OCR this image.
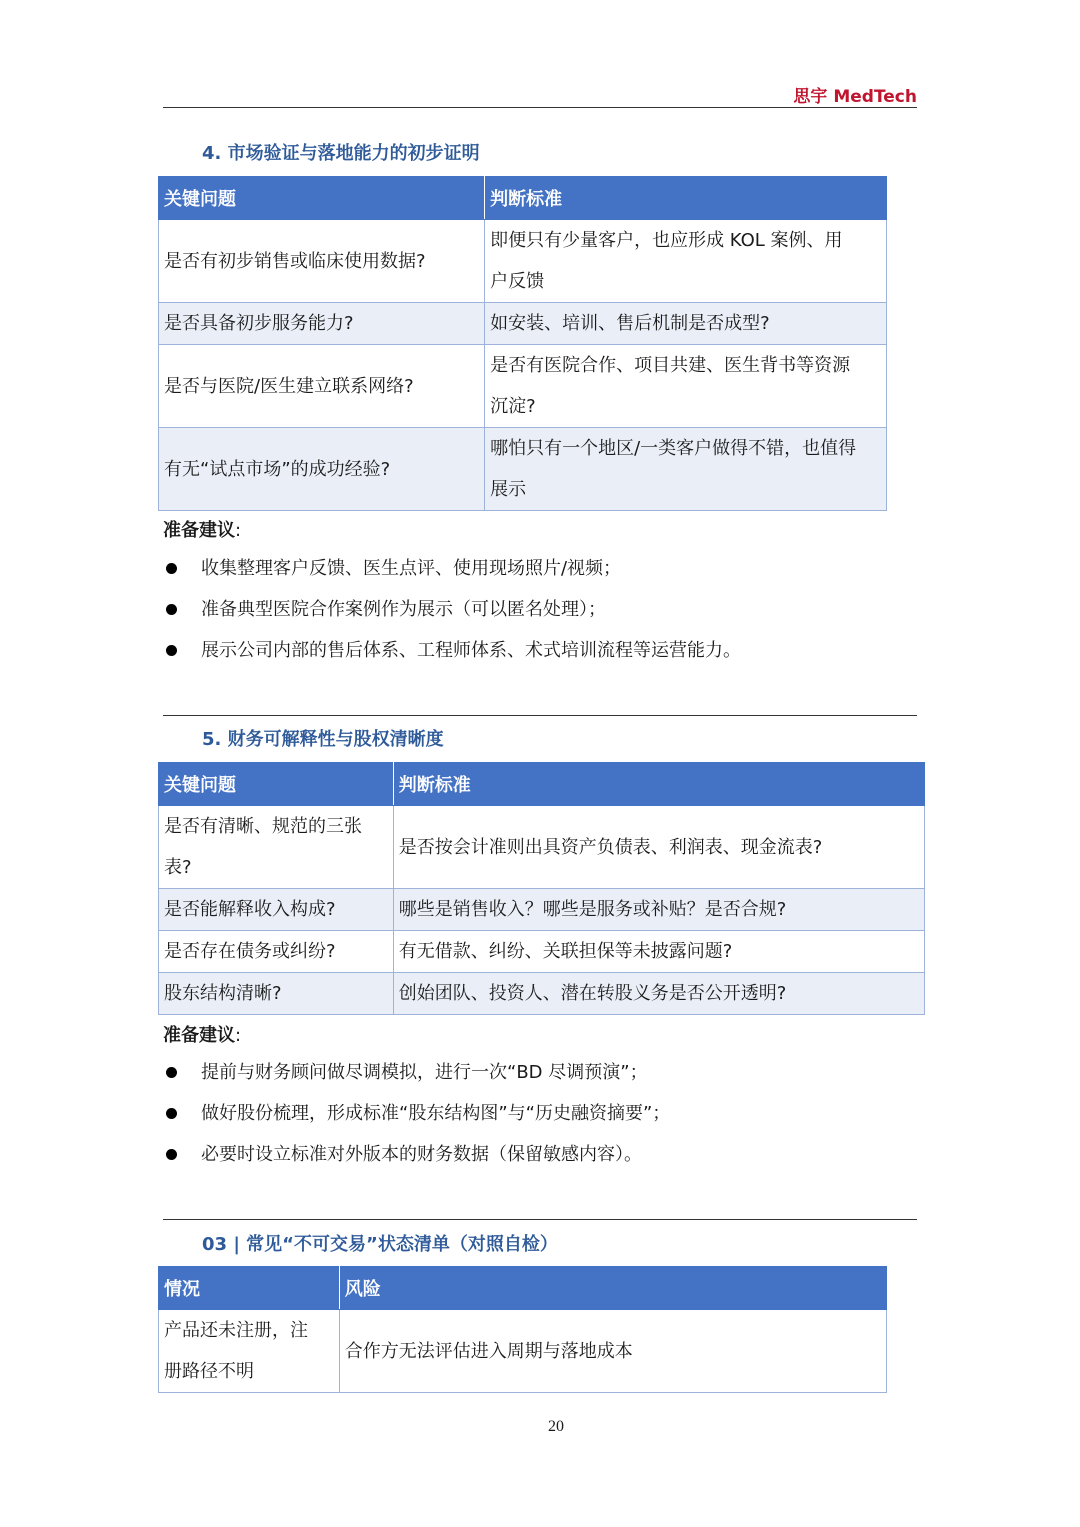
思宇 MedTech
4. 市场验证与落地能力的初步证明
关键问题	判断标准
是否有初步销售或临床使用数据?	即便只有少量客户，也应形成 KOL 案例、用
户反馈
是否具备初步服务能力?	如安装、培训、售后机制是否成型?
是否与医院/医生建立联系网络?	是否有医院合作、项目共建、医生背书等资源
沉淀?
有无“试点市场”的成功经验?	哪怕只有一个地区/一类客户做得不错，也值得
展示
准备建议:
收集整理客户反馈、医生点评、使用现场照片/视频；
准备典型医院合作案例作为展示（可以匿名处理）；
展示公司内部的售后体系、工程师体系、术式培训流程等运营能力。
5. 财务可解释性与股权清晰度
关键问题	判断标准
是否有清晰、规范的三张
表?	是否按会计准则出具资产负债表、利润表、现金流表?
是否能解释收入构成?	哪些是销售收入？哪些是服务或补贴？是否合规?
是否存在债务或纠纷?	有无借款、纠纷、关联担保等未披露问题?
股东结构清晰?	创始团队、投资人、潜在转股义务是否公开透明?
准备建议:
提前与财务顾问做尽调模拟，进行一次“BD 尽调预演”；
做好股份梳理，形成标准“股东结构图”与“历史融资摘要”；
必要时设立标准对外版本的财务数据（保留敏感内容）。
03 | 常见“不可交易”状态清单（对照自检）
情况	风险
产品还未注册，注
册路径不明	合作方无法评估进入周期与落地成本
20
